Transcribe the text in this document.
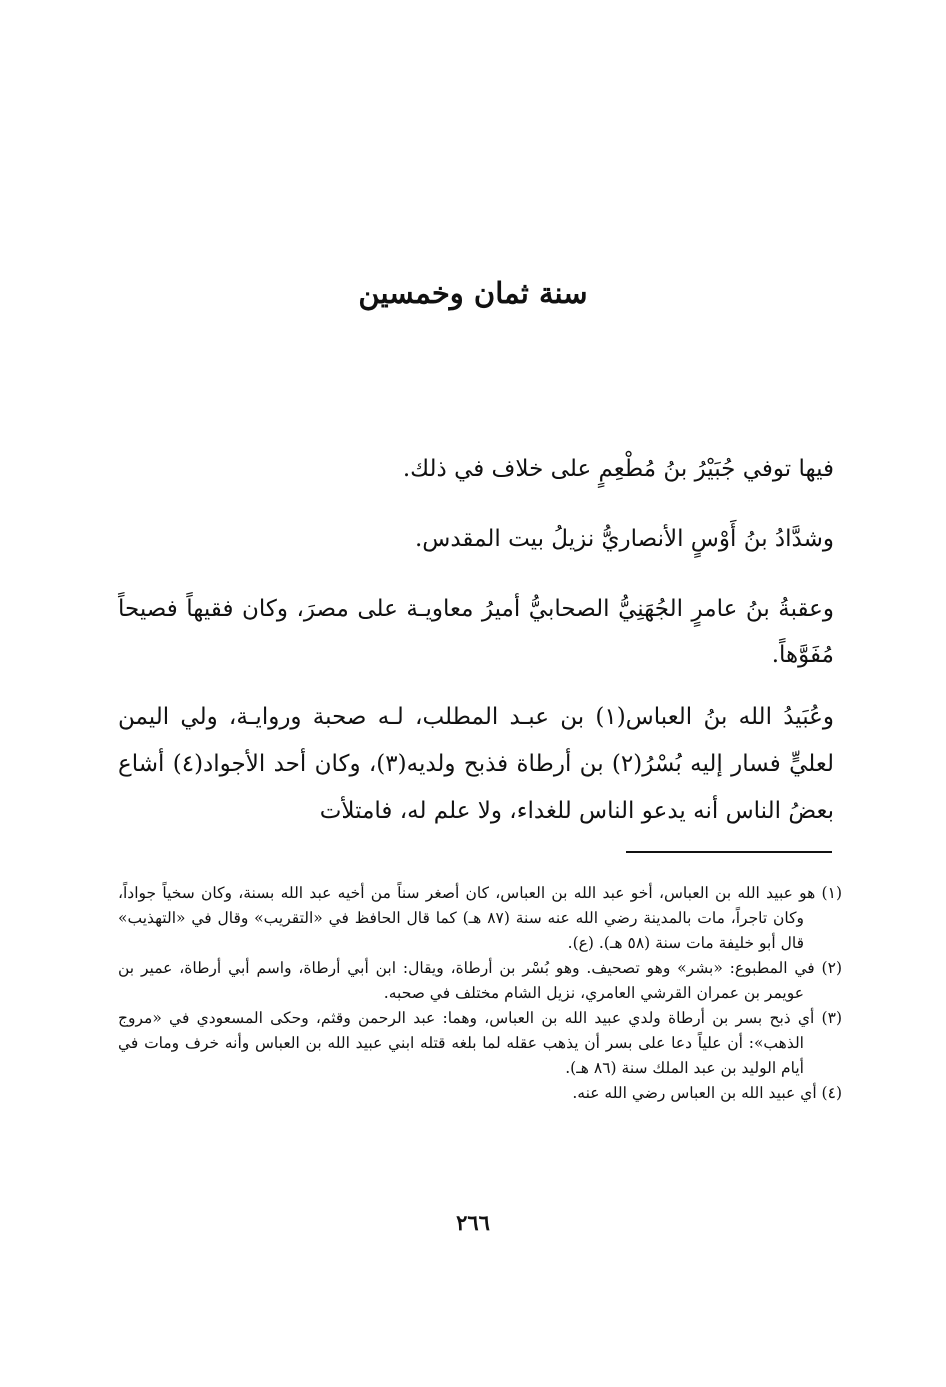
سنة ثمان وخمسين

فيها توفي جُبَيْرُ بنُ مُطْعِمٍ على خلاف في ذلك.

وشدَّادُ بنُ أَوْسٍ الأنصاريُّ نزيلُ بيت المقدس.

وعقبةُ بنُ عامرٍ الجُهَنِيُّ الصحابيُّ أميرُ معاويـة على مصرَ، وكان فقيهاً فصيحاً مُفَوَّهاً.

وعُبَيدُ الله بنُ العباس(١) بن عبـد المطلب، لـه صحبة وروايـة، ولي اليمن لعليٍّ فسار إليه بُسْرُ(٢) بن أرطاة فذبح ولديه(٣)، وكان أحد الأجواد(٤) أشاع بعضُ الناس أنه يدعو الناس للغداء، ولا علم له، فامتلأت

(١) هو عبيد الله بن العباس، أخو عبد الله بن العباس، كان أصغر سناً من أخيه عبد الله بسنة، وكان سخياً جواداً، وكان تاجراً، مات بالمدينة رضي الله عنه سنة (٨٧ هـ) كما قال الحافظ في «التقريب» وقال في «التهذيب» قال أبو خليفة مات سنة (٥٨ هـ). (ع).

(٢) في المطبوع: «بشر» وهو تصحيف. وهو بُسْر بن أرطاة، ويقال: ابن أبي أرطاة، واسم أبي أرطاة، عمير بن عويمر بن عمران القرشي العامري، نزيل الشام مختلف في صحبه.

(٣) أي ذبح بسر بن أرطاة ولدي عبيد الله بن العباس، وهما: عبد الرحمن وقثم، وحكى المسعودي في «مروج الذهب»: أن علياً دعا على بسر أن يذهب عقله لما بلغه قتله ابني عبيد الله بن العباس وأنه خرف ومات في أيام الوليد بن عبد الملك سنة (٨٦ هـ).

(٤) أي عبيد الله بن العباس رضي الله عنه.

٢٦٦
